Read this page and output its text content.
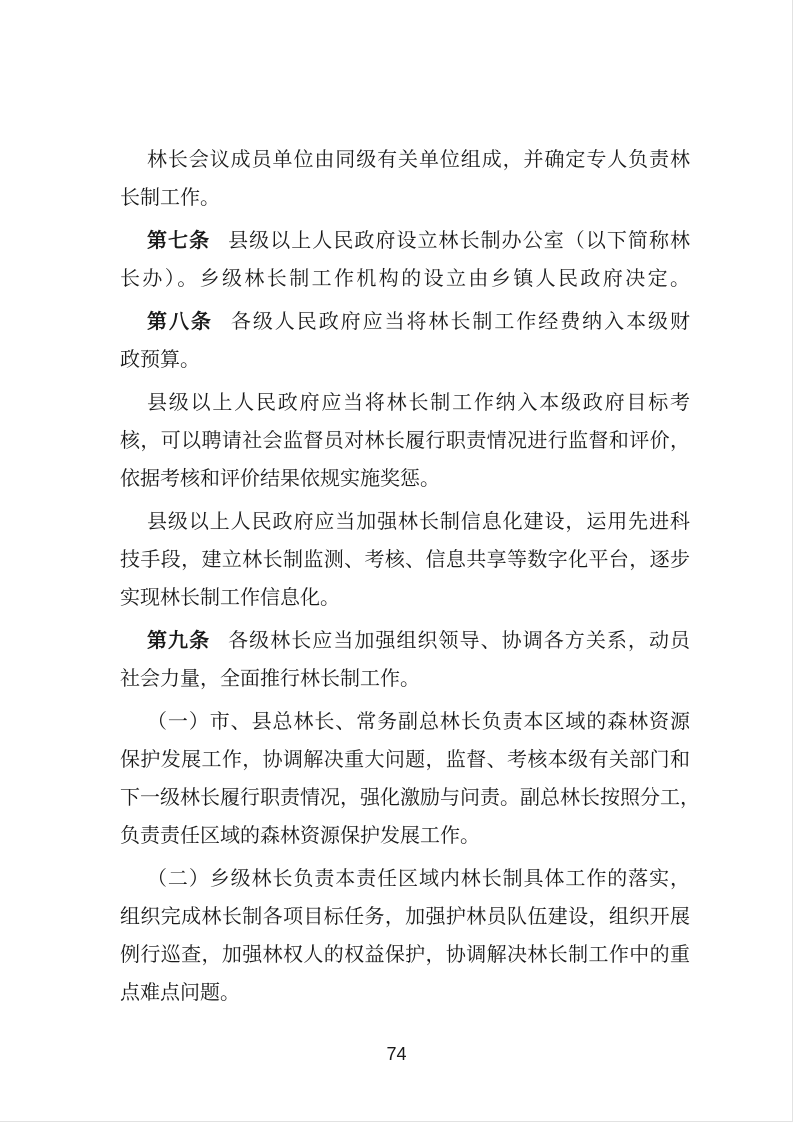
林长会议成员单位由同级有关单位组成，并确定专人负责林
长制工作。
第七条 县级以上人民政府设立林长制办公室（以下简称林
长办）。乡级林长制工作机构的设立由乡镇人民政府决定。
第八条 各级人民政府应当将林长制工作经费纳入本级财
政预算。
县级以上人民政府应当将林长制工作纳入本级政府目标考
核，可以聘请社会监督员对林长履行职责情况进行监督和评价，
依据考核和评价结果依规实施奖惩。
县级以上人民政府应当加强林长制信息化建设，运用先进科
技手段，建立林长制监测、考核、信息共享等数字化平台，逐步
实现林长制工作信息化。
第九条 各级林长应当加强组织领导、协调各方关系，动员
社会力量，全面推行林长制工作。
（一）市、县总林长、常务副总林长负责本区域的森林资源
保护发展工作，协调解决重大问题，监督、考核本级有关部门和
下一级林长履行职责情况，强化激励与问责。副总林长按照分工，
负责责任区域的森林资源保护发展工作。
（二）乡级林长负责本责任区域内林长制具体工作的落实，
组织完成林长制各项目标任务，加强护林员队伍建设，组织开展
例行巡查，加强林权人的权益保护，协调解决林长制工作中的重
点难点问题。
74
